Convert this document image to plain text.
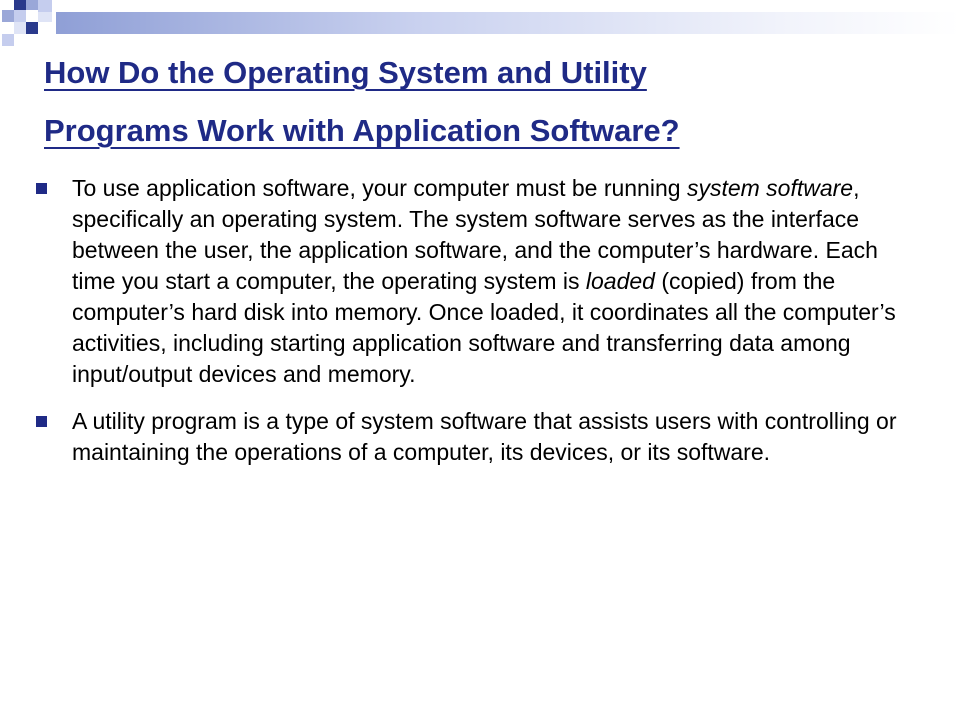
How Do the Operating System and Utility
Programs Work with Application Software?
To use application software, your computer must be running system software, specifically an operating system. The system software serves as the interface between the user, the application software, and the computer’s hardware. Each time you start a computer, the operating system is loaded (copied) from the computer’s hard disk into memory. Once loaded, it coordinates all the computer’s activities, including starting application software and transferring data among input/output devices and memory.
A utility program is a type of system software that assists users with controlling or maintaining the operations of a computer, its devices, or its software.
